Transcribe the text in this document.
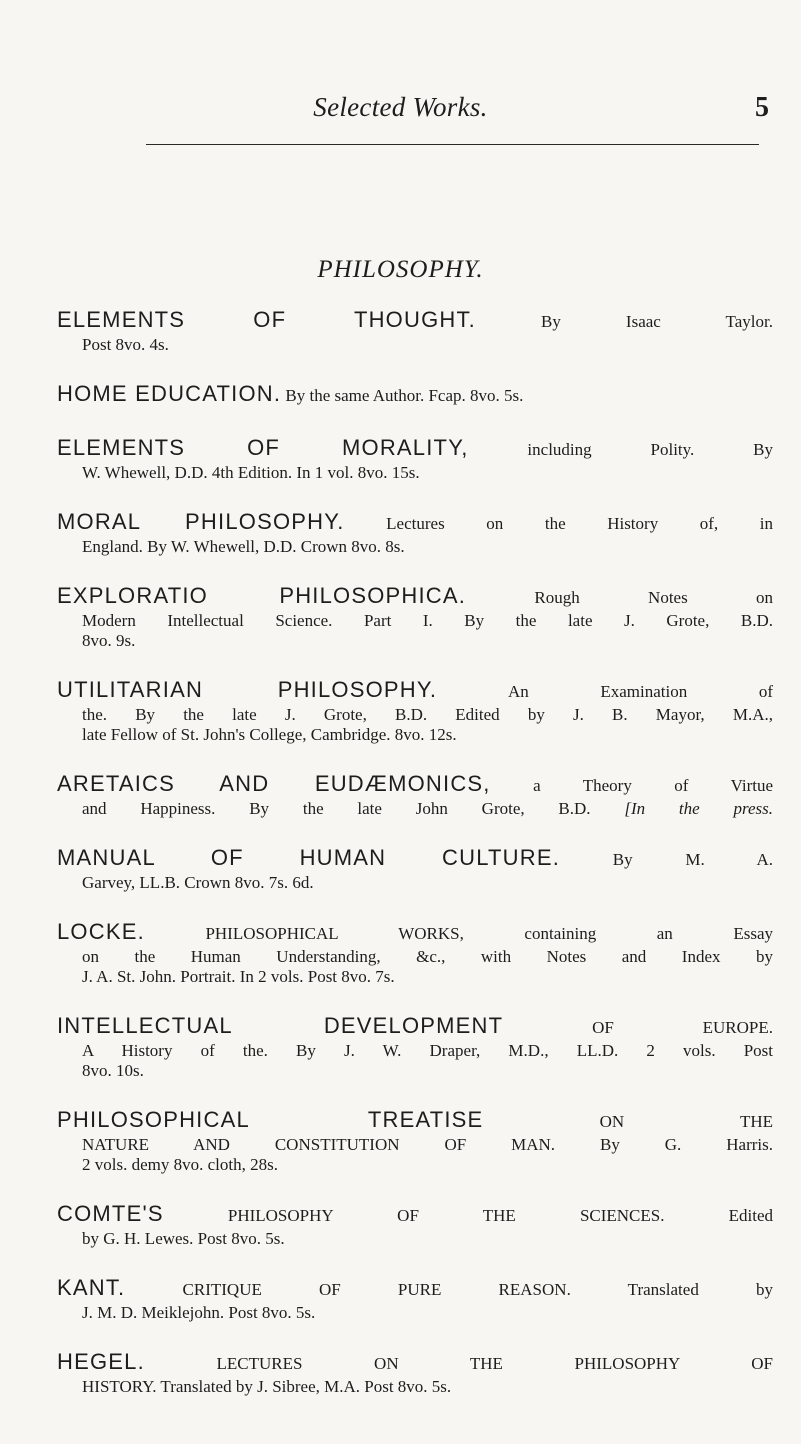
Selected Works.	5
PHILOSOPHY.
ELEMENTS OF THOUGHT.	By Isaac Taylor.
Post 8vo. 4s.
HOME EDUCATION. By the same Author. Fcap. 8vo. 5s.
ELEMENTS OF MORALITY,	including Polity. By
W. Whewell, D.D. 4th Edition. In 1 vol. 8vo. 15s.
MORAL PHILOSOPHY. Lectures on the History of, in
England. By W. Whewell, D.D. Crown 8vo. 8s.
EXPLORATIO PHILOSOPHICA.	Rough Notes on
Modern Intellectual Science. Part I. By the late J. Grote, B.D.
8vo. 9s.
UTILITARIAN PHILOSOPHY.	An Examination of
the. By the late J. Grote, B.D. Edited by J. B. Mayor, M.A.,
late Fellow of St. John's College, Cambridge. 8vo. 12s.
ARETAICS AND EUDÆMONICS, a Theory of Virtue
and Happiness. By the late John Grote, B.D. [In the press.
MANUAL OF HUMAN CULTURE.	By M. A.
Garvey, LL.B. Crown 8vo. 7s. 6d.
LOCKE.	PHILOSOPHICAL WORKS, containing an Essay
on the Human Understanding, &c., with Notes and Index by
J. A. St. John. Portrait. In 2 vols. Post 8vo. 7s.
INTELLECTUAL DEVELOPMENT	OF EUROPE.
A History of the. By J. W. Draper, M.D., LL.D. 2 vols. Post
8vo. 10s.
PHILOSOPHICAL TREATISE	ON THE
NATURE AND CONSTITUTION OF MAN. By G. Harris.
2 vols. demy 8vo. cloth, 28s.
COMTE'S	PHILOSOPHY OF THE SCIENCES. Edited
by G. H. Lewes. Post 8vo. 5s.
KANT.	CRITIQUE OF PURE REASON. Translated by
J. M. D. Meiklejohn. Post 8vo. 5s.
HEGEL.	LECTURES ON THE PHILOSOPHY OF
HISTORY. Translated by J. Sibree, M.A. Post 8vo. 5s.
